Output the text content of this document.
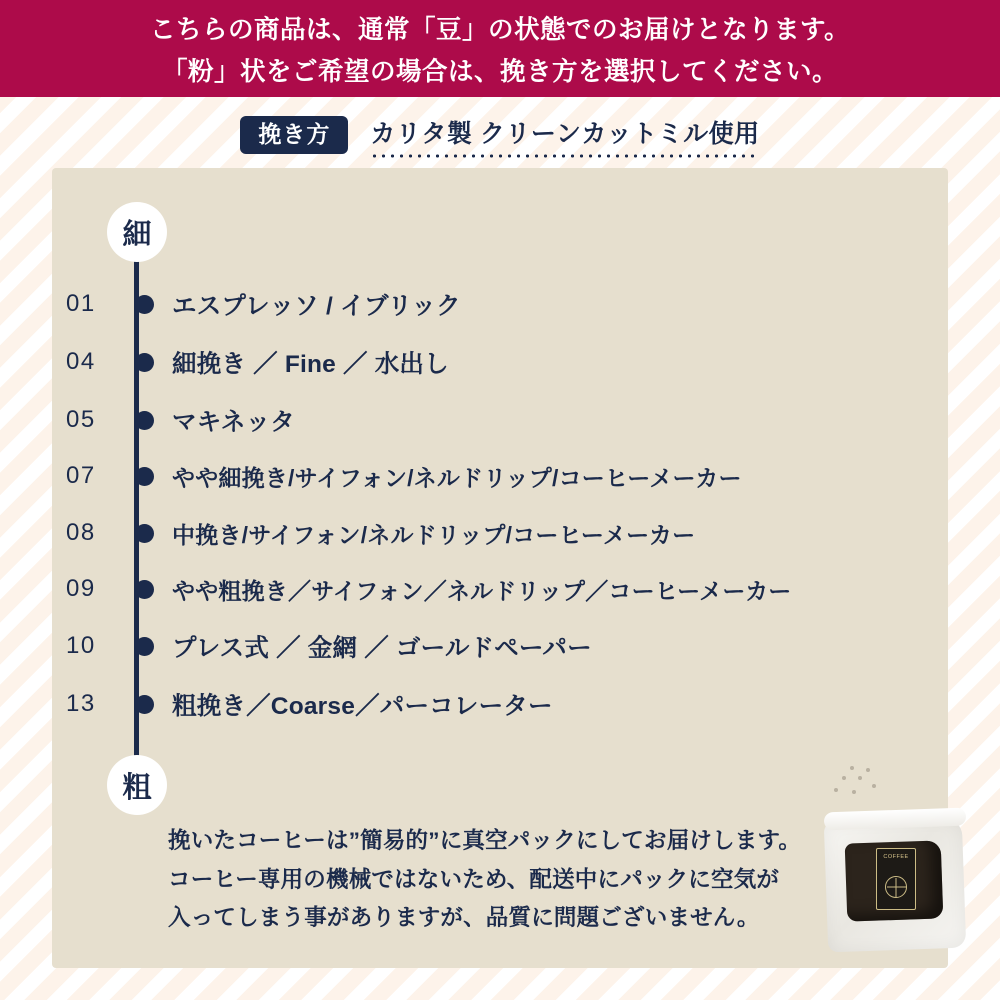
こちらの商品は、通常「豆」の状態でのお届けとなります。
「粉」状をご希望の場合は、挽き方を選択してください。
挽き方	カリタ製 クリーンカットミル使用
細
粗
01	エスプレッソ / イブリック
04	細挽き ／ Fine ／ 水出し
05	マキネッタ
07	やや細挽き/サイフォン/ネルドリップ/コーヒーメーカー
08	中挽き/サイフォン/ネルドリップ/コーヒーメーカー
09	やや粗挽き／サイフォン／ネルドリップ／コーヒーメーカー
10	プレス式 ／ 金網 ／ ゴールドペーパー
13	粗挽き／Coarse／パーコレーター
挽いたコーヒーは”簡易的”に真空パックにしてお届けします。
コーヒー専用の機械ではないため、配送中にパックに空気が
入ってしまう事がありますが、品質に問題ございません。
COFFEE
